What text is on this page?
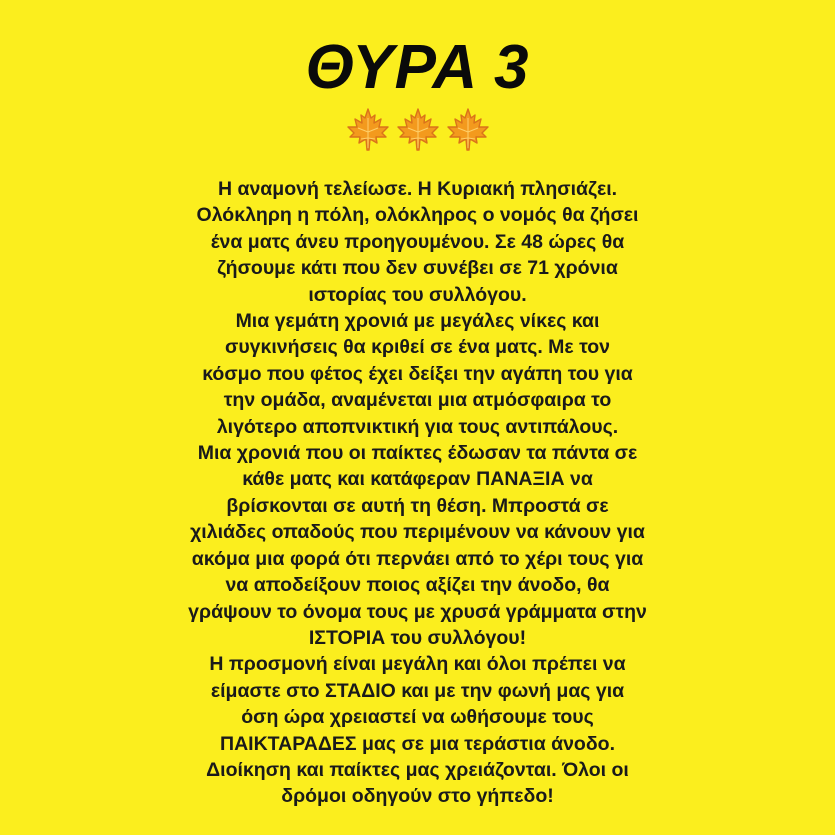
ΘΥΡΑ 3
Η αναμονή τελείωσε. Η Κυριακή πλησιάζει.
Ολόκληρη η πόλη, ολόκληρος ο νομός θα ζήσει
ένα ματς άνευ προηγουμένου. Σε 48 ώρες θα
ζήσουμε κάτι που δεν συνέβει σε 71 χρόνια
ιστορίας του συλλόγου.
Μια γεμάτη χρονιά με μεγάλες νίκες και
συγκινήσεις θα κριθεί σε ένα ματς. Με τον
κόσμο που φέτος έχει δείξει την αγάπη του για
την ομάδα, αναμένεται μια ατμόσφαιρα το
λιγότερο αποπνικτική για τους αντιπάλους.
Μια χρονιά που οι παίκτες έδωσαν τα πάντα σε
κάθε ματς και κατάφεραν ΠΑΝΑΞΙΑ να
βρίσκονται σε αυτή τη θέση. Μπροστά σε
χιλιάδες οπαδούς που περιμένουν να κάνουν για
ακόμα μια φορά ότι περνάει από το χέρι τους για
να αποδείξουν ποιος αξίζει την άνοδο, θα
γράψουν το όνομα τους με χρυσά γράμματα στην
ΙΣΤΟΡΙΑ του συλλόγου!
Η προσμονή είναι μεγάλη και όλοι πρέπει να
είμαστε στο ΣΤΑΔΙΟ και με την φωνή μας για
όση ώρα χρειαστεί να ωθήσουμε τους
ΠΑΙΚΤΑΡΑΔΕΣ μας σε μια τεράστια άνοδο.
Διοίκηση και παίκτες μας χρειάζονται. Όλοι οι
δρόμοι οδηγούν στο γήπεδο!
